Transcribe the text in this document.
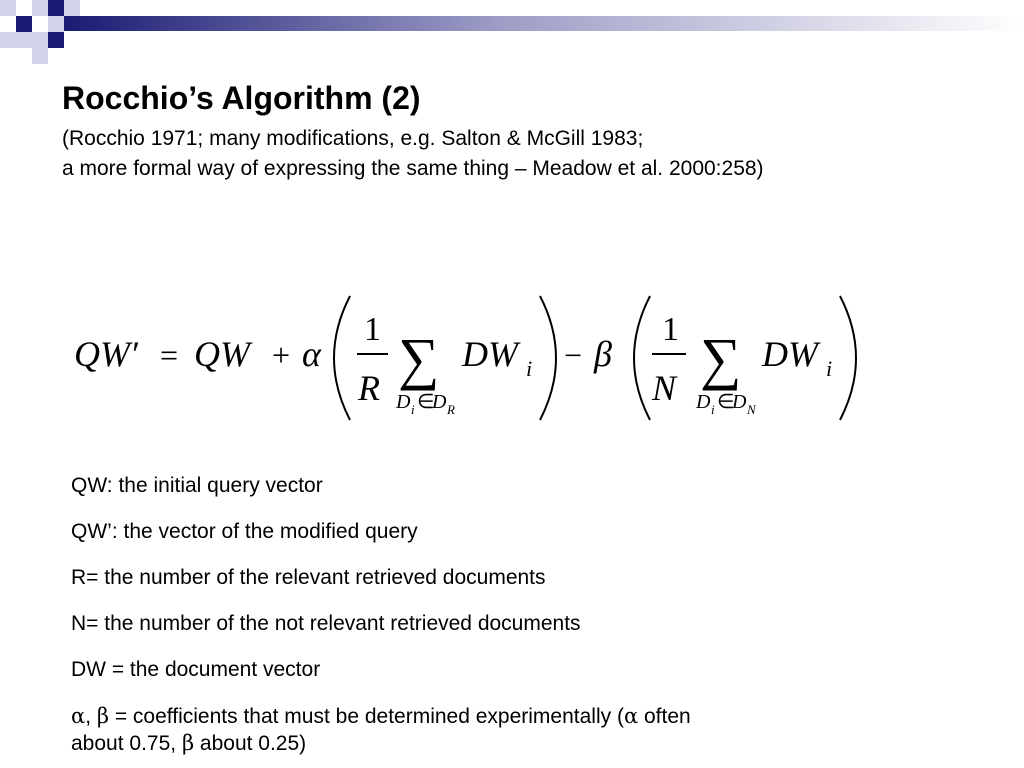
Rocchio’s Algorithm (2)
(Rocchio 1971; many modifications, e.g. Salton & McGill 1983;
a more formal way of expressing the same thing – Meadow et al. 2000:258)
QW′ = QW + α
1
R ∑ DW i
D i ∈
D R
− β
1
N ∑ DW i
D i ∈
D N
QW: the initial query vector
QW’: the vector of the modified query
R= the number of the relevant retrieved documents
N= the number of the not relevant retrieved documents
DW = the document vector
α, β = coefficients that must be determined experimentally (α often
about 0.75, β about 0.25)
